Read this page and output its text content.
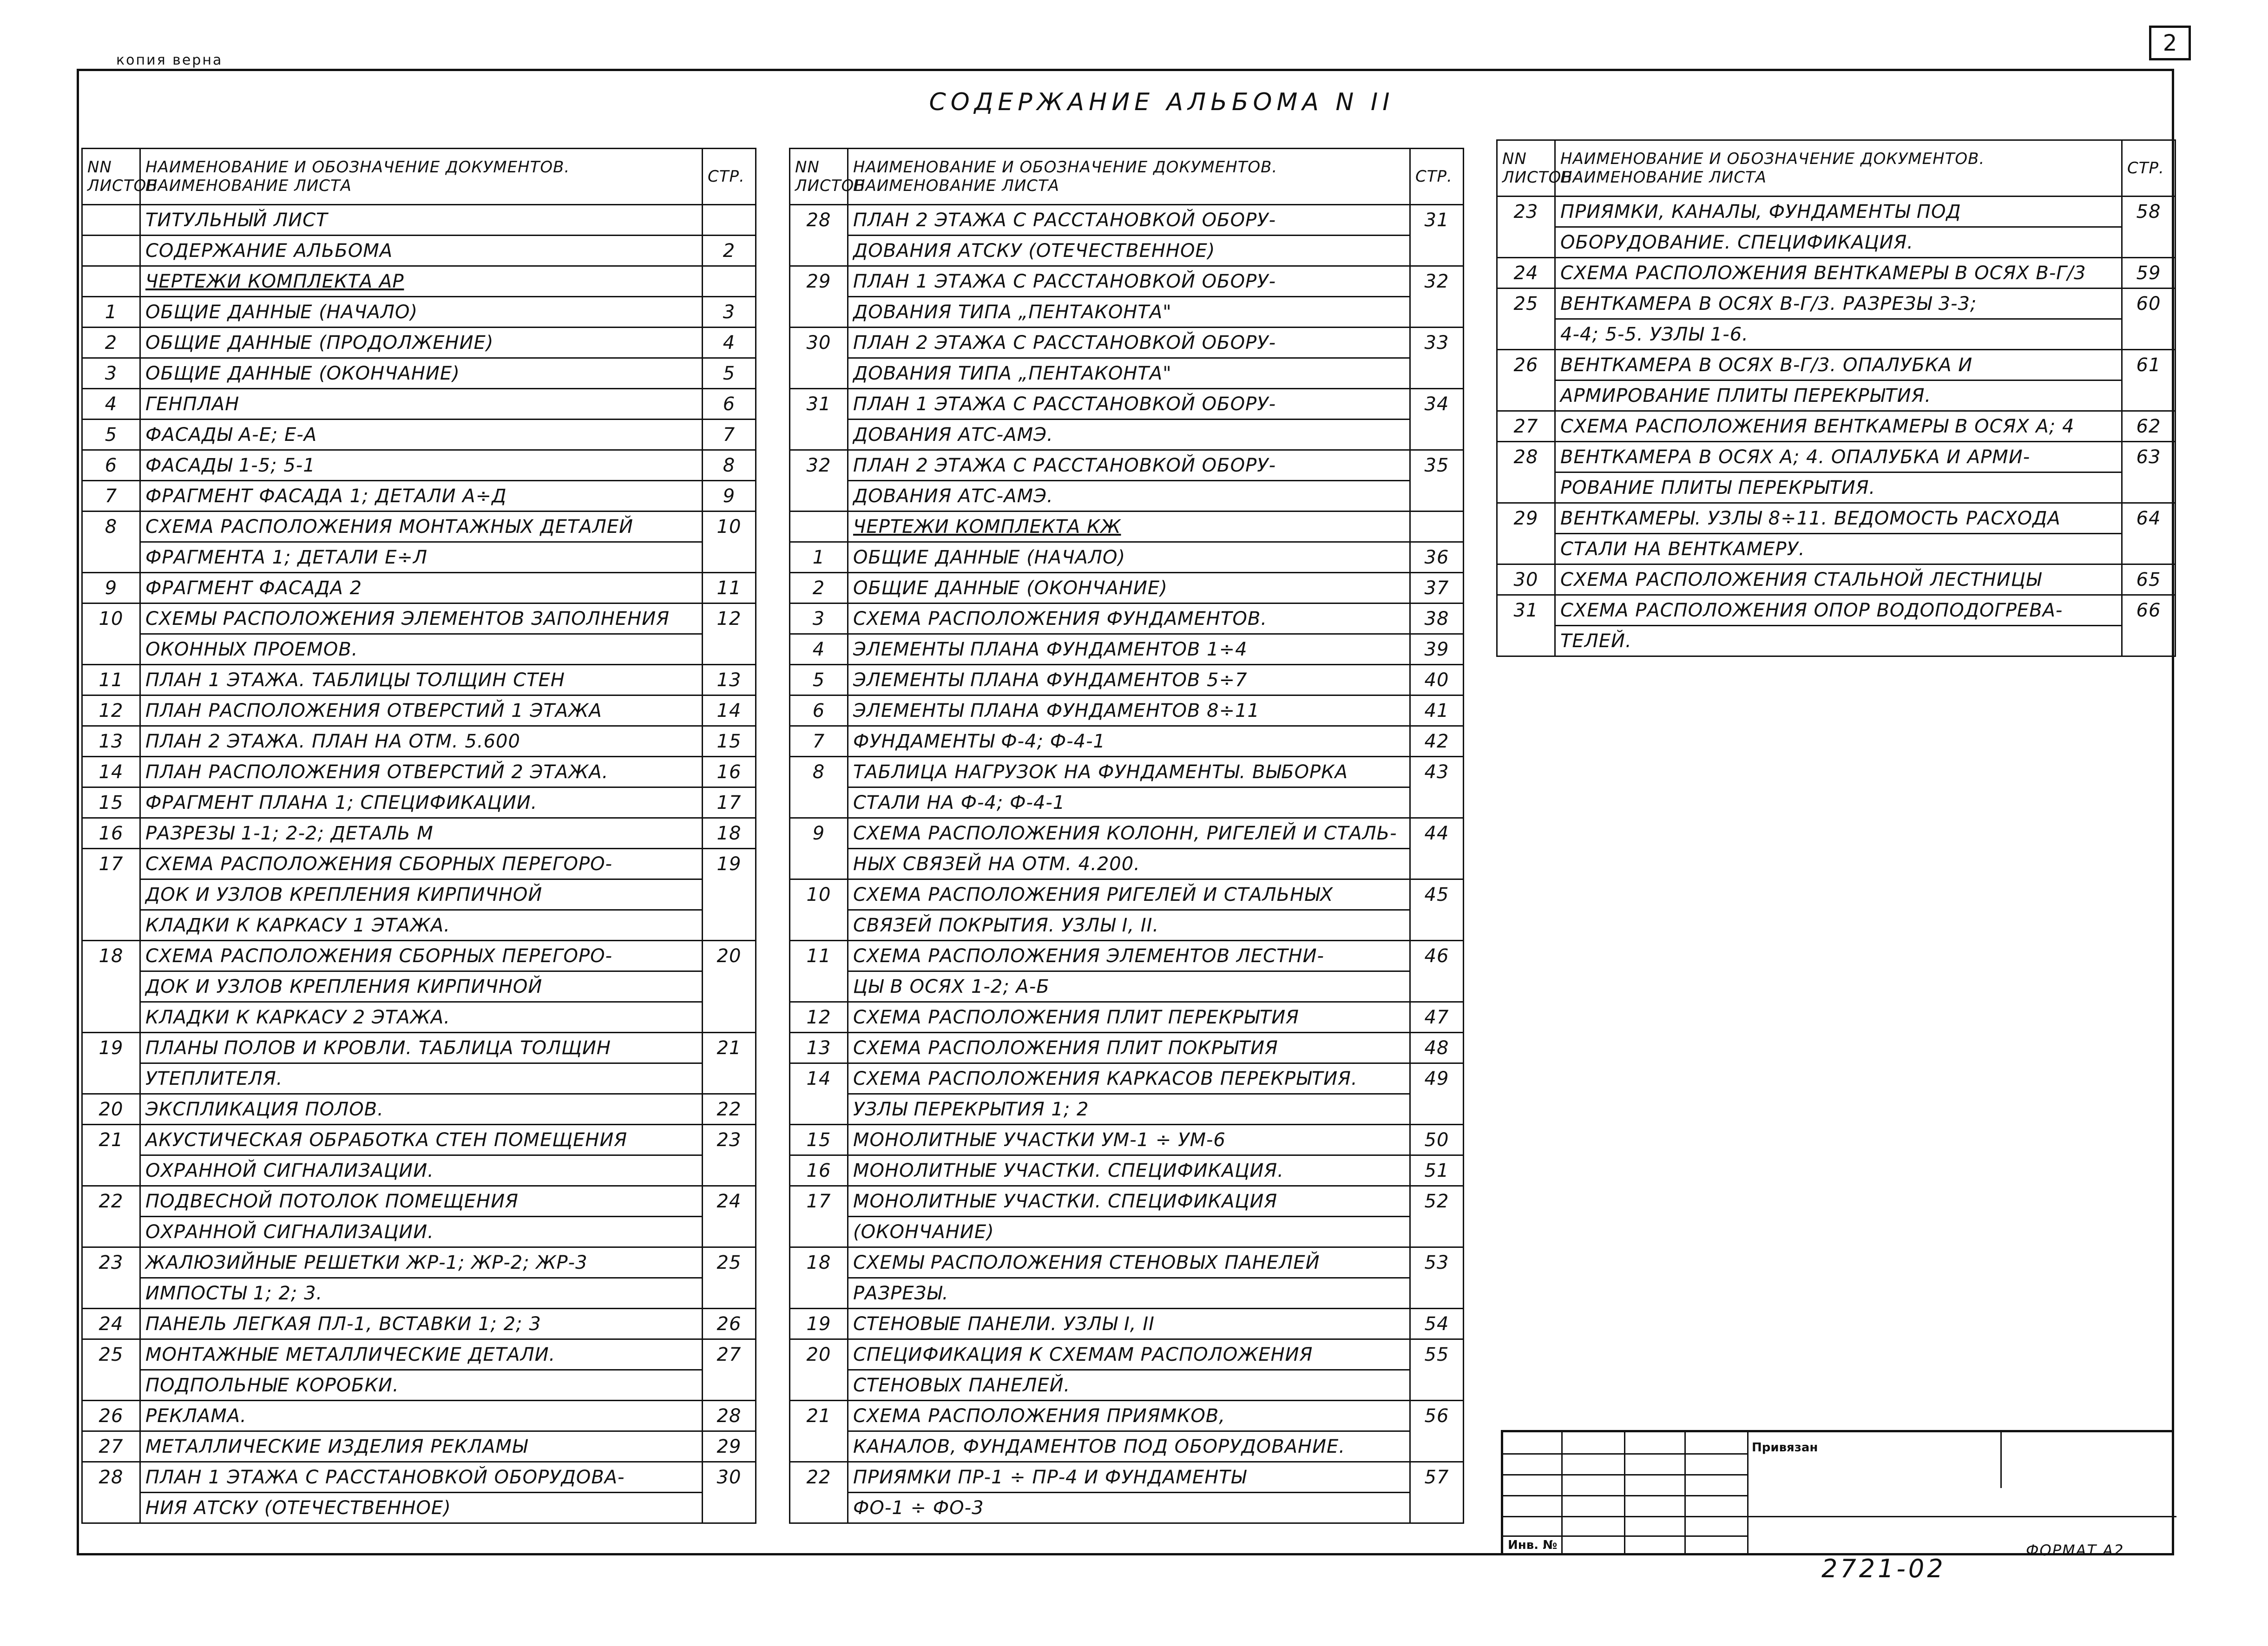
копия верна
2
СОДЕРЖАНИЕ АЛЬБОМА N II
NN ЛИСТОВ	НАИМЕНОВАНИЕ И ОБОЗНАЧЕНИЕ ДОКУМЕНТОВ.
НАИМЕНОВАНИЕ ЛИСТА	СТР.
	ТИТУЛЬНЫЙ ЛИСТ	
	СОДЕРЖАНИЕ АЛЬБОМА	2
	ЧЕРТЕЖИ КОМПЛЕКТА АР	
1	ОБЩИЕ ДАННЫЕ (НАЧАЛО)	3
2	ОБЩИЕ ДАННЫЕ (ПРОДОЛЖЕНИЕ)	4
3	ОБЩИЕ ДАННЫЕ (ОКОНЧАНИЕ)	5
4	ГЕНПЛАН	6
5	ФАСАДЫ А-Е; Е-А	7
6	ФАСАДЫ 1-5; 5-1	8
7	ФРАГМЕНТ ФАСАДА 1; ДЕТАЛИ А÷Д	9
8	СХЕМА РАСПОЛОЖЕНИЯ МОНТАЖНЫХ ДЕТАЛЕЙ	10
	ФРАГМЕНТА 1; ДЕТАЛИ Е÷Л	
9	ФРАГМЕНТ ФАСАДА 2	11
10	СХЕМЫ РАСПОЛОЖЕНИЯ ЭЛЕМЕНТОВ ЗАПОЛНЕНИЯ	12
	ОКОННЫХ ПРОЕМОВ.	
11	ПЛАН 1 ЭТАЖА. ТАБЛИЦЫ ТОЛЩИН СТЕН	13
12	ПЛАН РАСПОЛОЖЕНИЯ ОТВЕРСТИЙ 1 ЭТАЖА	14
13	ПЛАН 2 ЭТАЖА. ПЛАН НА ОТМ. 5.600	15
14	ПЛАН РАСПОЛОЖЕНИЯ ОТВЕРСТИЙ 2 ЭТАЖА.	16
15	ФРАГМЕНТ ПЛАНА 1; СПЕЦИФИКАЦИИ.	17
16	РАЗРЕЗЫ 1-1; 2-2; ДЕТАЛЬ М	18
17	СХЕМА РАСПОЛОЖЕНИЯ СБОРНЫХ ПЕРЕГОРО-	19
	ДОК И УЗЛОВ КРЕПЛЕНИЯ КИРПИЧНОЙ	
	КЛАДКИ К КАРКАСУ 1 ЭТАЖА.	
18	СХЕМА РАСПОЛОЖЕНИЯ СБОРНЫХ ПЕРЕГОРО-	20
	ДОК И УЗЛОВ КРЕПЛЕНИЯ КИРПИЧНОЙ	
	КЛАДКИ К КАРКАСУ 2 ЭТАЖА.	
19	ПЛАНЫ ПОЛОВ И КРОВЛИ. ТАБЛИЦА ТОЛЩИН	21
	УТЕПЛИТЕЛЯ.	
20	ЭКСПЛИКАЦИЯ ПОЛОВ.	22
21	АКУСТИЧЕСКАЯ ОБРАБОТКА СТЕН ПОМЕЩЕНИЯ	23
	ОХРАННОЙ СИГНАЛИЗАЦИИ.	
22	ПОДВЕСНОЙ ПОТОЛОК ПОМЕЩЕНИЯ	24
	ОХРАННОЙ СИГНАЛИЗАЦИИ.	
23	ЖАЛЮЗИЙНЫЕ РЕШЕТКИ ЖР-1; ЖР-2; ЖР-3	25
	ИМПОСТЫ 1; 2; 3.	
24	ПАНЕЛЬ ЛЕГКАЯ ПЛ-1, ВСТАВКИ 1; 2; 3	26
25	МОНТАЖНЫЕ МЕТАЛЛИЧЕСКИЕ ДЕТАЛИ.	27
	ПОДПОЛЬНЫЕ КОРОБКИ.	
26	РЕКЛАМА.	28
27	МЕТАЛЛИЧЕСКИЕ ИЗДЕЛИЯ РЕКЛАМЫ	29
28	ПЛАН 1 ЭТАЖА С РАССТАНОВКОЙ ОБОРУДОВА-	30
	НИЯ АТСКУ (ОТЕЧЕСТВЕННОЕ)	
NN ЛИСТОВ	НАИМЕНОВАНИЕ И ОБОЗНАЧЕНИЕ ДОКУМЕНТОВ.
НАИМЕНОВАНИЕ ЛИСТА	СТР.
28	ПЛАН 2 ЭТАЖА С РАССТАНОВКОЙ ОБОРУ-	31
	ДОВАНИЯ АТСКУ (ОТЕЧЕСТВЕННОЕ)	
29	ПЛАН 1 ЭТАЖА С РАССТАНОВКОЙ ОБОРУ-	32
	ДОВАНИЯ ТИПА „ПЕНТАКОНТА"	
30	ПЛАН 2 ЭТАЖА С РАССТАНОВКОЙ ОБОРУ-	33
	ДОВАНИЯ ТИПА „ПЕНТАКОНТА"	
31	ПЛАН 1 ЭТАЖА С РАССТАНОВКОЙ ОБОРУ-	34
	ДОВАНИЯ АТС-АМЭ.	
32	ПЛАН 2 ЭТАЖА С РАССТАНОВКОЙ ОБОРУ-	35
	ДОВАНИЯ АТС-АМЭ.	
	ЧЕРТЕЖИ КОМПЛЕКТА КЖ	
1	ОБЩИЕ ДАННЫЕ (НАЧАЛО)	36
2	ОБЩИЕ ДАННЫЕ (ОКОНЧАНИЕ)	37
3	СХЕМА РАСПОЛОЖЕНИЯ ФУНДАМЕНТОВ.	38
4	ЭЛЕМЕНТЫ ПЛАНА ФУНДАМЕНТОВ 1÷4	39
5	ЭЛЕМЕНТЫ ПЛАНА ФУНДАМЕНТОВ 5÷7	40
6	ЭЛЕМЕНТЫ ПЛАНА ФУНДАМЕНТОВ 8÷11	41
7	ФУНДАМЕНТЫ Ф-4; Ф-4-1	42
8	ТАБЛИЦА НАГРУЗОК НА ФУНДАМЕНТЫ. ВЫБОРКА	43
	СТАЛИ НА Ф-4; Ф-4-1	
9	СХЕМА РАСПОЛОЖЕНИЯ КОЛОНН, РИГЕЛЕЙ И СТАЛЬ-	44
	НЫХ СВЯЗЕЙ НА ОТМ. 4.200.	
10	СХЕМА РАСПОЛОЖЕНИЯ РИГЕЛЕЙ И СТАЛЬНЫХ	45
	СВЯЗЕЙ ПОКРЫТИЯ. УЗЛЫ I, II.	
11	СХЕМА РАСПОЛОЖЕНИЯ ЭЛЕМЕНТОВ ЛЕСТНИ-	46
	ЦЫ В ОСЯХ 1-2; А-Б	
12	СХЕМА РАСПОЛОЖЕНИЯ ПЛИТ ПЕРЕКРЫТИЯ	47
13	СХЕМА РАСПОЛОЖЕНИЯ ПЛИТ ПОКРЫТИЯ	48
14	СХЕМА РАСПОЛОЖЕНИЯ КАРКАСОВ ПЕРЕКРЫТИЯ.	49
	УЗЛЫ ПЕРЕКРЫТИЯ 1; 2	
15	МОНОЛИТНЫЕ УЧАСТКИ УМ-1 ÷ УМ-6	50
16	МОНОЛИТНЫЕ УЧАСТКИ. СПЕЦИФИКАЦИЯ.	51
17	МОНОЛИТНЫЕ УЧАСТКИ. СПЕЦИФИКАЦИЯ	52
	(ОКОНЧАНИЕ)	
18	СХЕМЫ РАСПОЛОЖЕНИЯ СТЕНОВЫХ ПАНЕЛЕЙ	53
	РАЗРЕЗЫ.	
19	СТЕНОВЫЕ ПАНЕЛИ. УЗЛЫ I, II	54
20	СПЕЦИФИКАЦИЯ К СХЕМАМ РАСПОЛОЖЕНИЯ	55
	СТЕНОВЫХ ПАНЕЛЕЙ.	
21	СХЕМА РАСПОЛОЖЕНИЯ ПРИЯМКОВ,	56
	КАНАЛОВ, ФУНДАМЕНТОВ ПОД ОБОРУДОВАНИЕ.	
22	ПРИЯМКИ ПР-1 ÷ ПР-4 И ФУНДАМЕНТЫ	57
	ФО-1 ÷ ФО-3	
NN ЛИСТОВ	НАИМЕНОВАНИЕ И ОБОЗНАЧЕНИЕ ДОКУМЕНТОВ.
НАИМЕНОВАНИЕ ЛИСТА	СТР.
23	ПРИЯМКИ, КАНАЛЫ, ФУНДАМЕНТЫ ПОД	58
	ОБОРУДОВАНИЕ. СПЕЦИФИКАЦИЯ.	
24	СХЕМА РАСПОЛОЖЕНИЯ ВЕНТКАМЕРЫ В ОСЯХ В-Г/3	59
25	ВЕНТКАМЕРА В ОСЯХ В-Г/3. РАЗРЕЗЫ 3-3;	60
	4-4; 5-5. УЗЛЫ 1-6.	
26	ВЕНТКАМЕРА В ОСЯХ В-Г/3. ОПАЛУБКА И	61
	АРМИРОВАНИЕ ПЛИТЫ ПЕРЕКРЫТИЯ.	
27	СХЕМА РАСПОЛОЖЕНИЯ ВЕНТКАМЕРЫ В ОСЯХ А; 4	62
28	ВЕНТКАМЕРА В ОСЯХ А; 4. ОПАЛУБКА И АРМИ-	63
	РОВАНИЕ ПЛИТЫ ПЕРЕКРЫТИЯ.	
29	ВЕНТКАМЕРЫ. УЗЛЫ 8÷11. ВЕДОМОСТЬ РАСХОДА	64
	СТАЛИ НА ВЕНТКАМЕРУ.	
30	СХЕМА РАСПОЛОЖЕНИЯ СТАЛЬНОЙ ЛЕСТНИЦЫ	65
31	СХЕМА РАСПОЛОЖЕНИЯ ОПОР ВОДОПОДОГРЕВА-	66
	ТЕЛЕЙ.	
Привязан
Инв. №
2721-02
ФОРМАТ А2
